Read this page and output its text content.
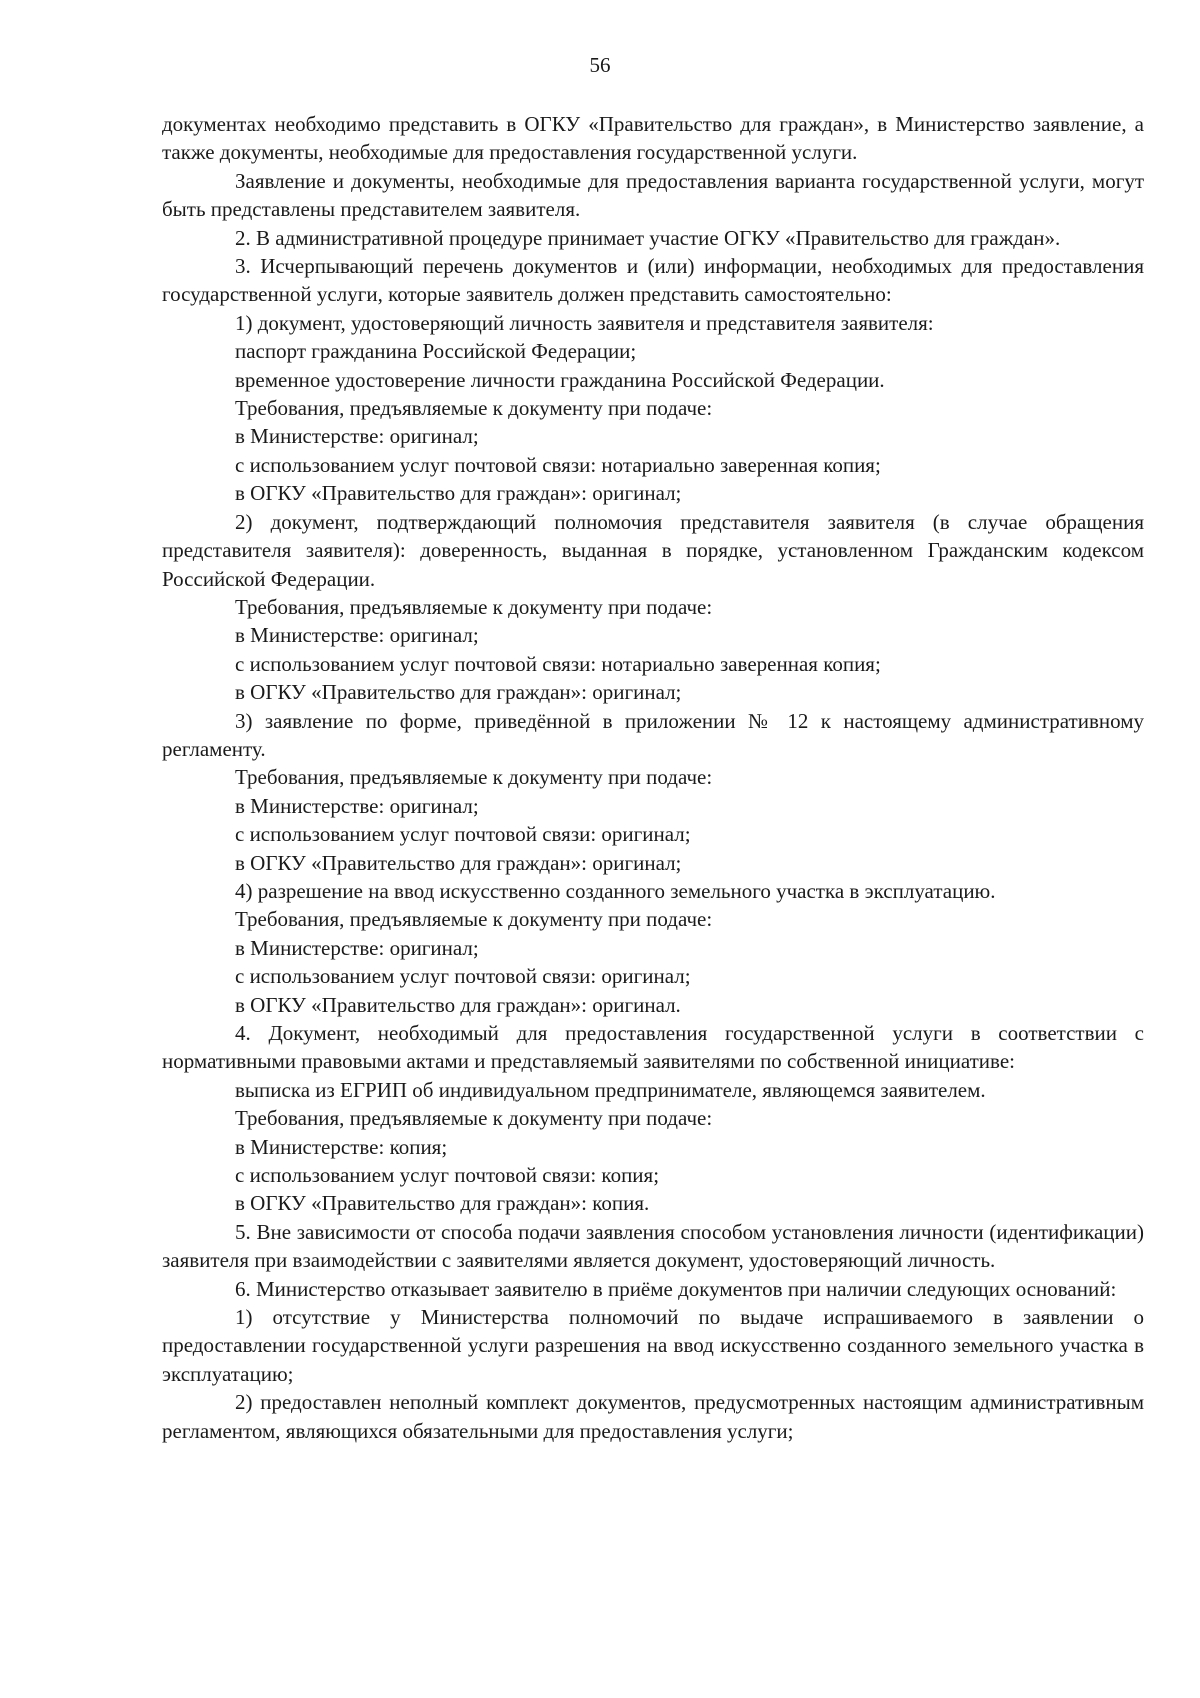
56

документах необходимо представить в ОГКУ «Правительство для граждан», в Министерство заявление, а также документы, необходимые для предоставления государственной услуги.

Заявление и документы, необходимые для предоставления варианта государственной услуги, могут быть представлены представителем заявителя.

2. В административной процедуре принимает участие ОГКУ «Правительство для граждан».

3. Исчерпывающий перечень документов и (или) информации, необходимых для предоставления государственной услуги, которые заявитель должен представить самостоятельно:

1) документ, удостоверяющий личность заявителя и представителя заявителя:

паспорт гражданина Российской Федерации;

временное удостоверение личности гражданина Российской Федерации.

Требования, предъявляемые к документу при подаче:

в Министерстве: оригинал;

с использованием услуг почтовой связи: нотариально заверенная копия;

в ОГКУ «Правительство для граждан»: оригинал;

2) документ, подтверждающий полномочия представителя заявителя (в случае обращения представителя заявителя): доверенность, выданная в порядке, установленном Гражданским кодексом Российской Федерации.

Требования, предъявляемые к документу при подаче:

в Министерстве: оригинал;

с использованием услуг почтовой связи: нотариально заверенная копия;

в ОГКУ «Правительство для граждан»: оригинал;

3) заявление по форме, приведённой в приложении № 12 к настоящему административному регламенту.

Требования, предъявляемые к документу при подаче:

в Министерстве: оригинал;

с использованием услуг почтовой связи: оригинал;

в ОГКУ «Правительство для граждан»: оригинал;

4) разрешение на ввод искусственно созданного земельного участка в эксплуатацию.

Требования, предъявляемые к документу при подаче:

в Министерстве: оригинал;

с использованием услуг почтовой связи: оригинал;

в ОГКУ «Правительство для граждан»: оригинал.

4. Документ, необходимый для предоставления государственной услуги в соответствии с нормативными правовыми актами и представляемый заявителями по собственной инициативе:

выписка из ЕГРИП об индивидуальном предпринимателе, являющемся заявителем.

Требования, предъявляемые к документу при подаче:

в Министерстве: копия;

с использованием услуг почтовой связи: копия;

в ОГКУ «Правительство для граждан»: копия.

5. Вне зависимости от способа подачи заявления способом установления личности (идентификации) заявителя при взаимодействии с заявителями является документ, удостоверяющий личность.

6. Министерство отказывает заявителю в приёме документов при наличии следующих оснований:

1) отсутствие у Министерства полномочий по выдаче испрашиваемого в заявлении о предоставлении государственной услуги разрешения на ввод искусственно созданного земельного участка в эксплуатацию;

2) предоставлен неполный комплект документов, предусмотренных настоящим административным регламентом, являющихся обязательными для предоставления услуги;
